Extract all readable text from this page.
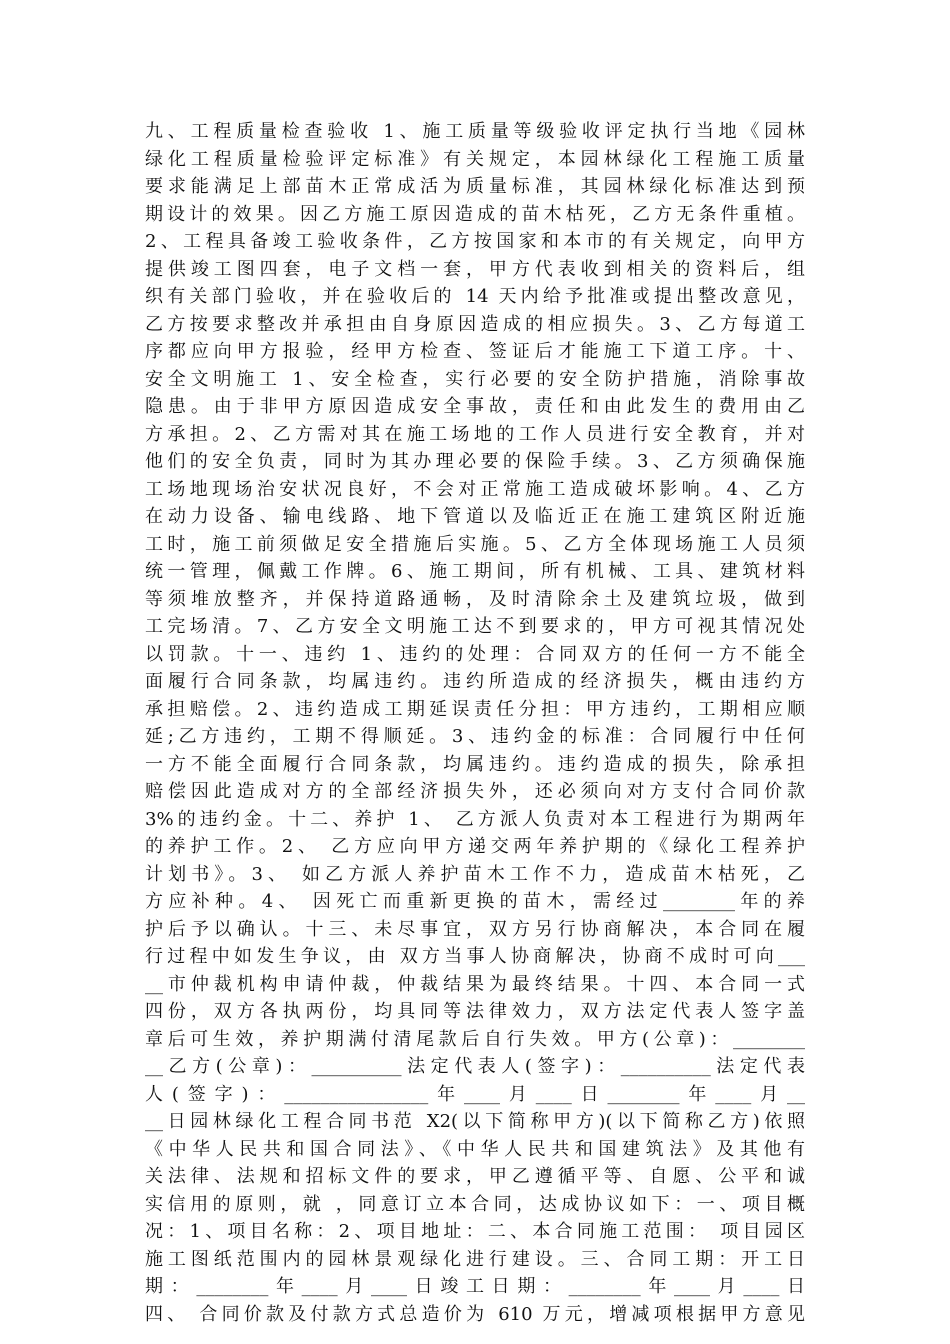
九、工程质量检查验收 1、施工质量等级验收评定执行当地《园林
绿化工程质量检验评定标准》有关规定，本园林绿化工程施工质量
要求能满足上部苗木正常成活为质量标准，其园林绿化标准达到预
期设计的效果。因乙方施工原因造成的苗木枯死，乙方无条件重植。
2、工程具备竣工验收条件，乙方按国家和本市的有关规定，向甲方
提供竣工图四套，电子文档一套，甲方代表收到相关的资料后，组
织有关部门验收，并在验收后的 14 天内给予批准或提出整改意见，
乙方按要求整改并承担由自身原因造成的相应损失。3、乙方每道工
序都应向甲方报验，经甲方检查、签证后才能施工下道工序。十、
安全文明施工 1、安全检查，实行必要的安全防护措施，消除事故
隐患。由于非甲方原因造成安全事故，责任和由此发生的费用由乙
方承担。2、乙方需对其在施工场地的工作人员进行安全教育，并对
他们的安全负责，同时为其办理必要的保险手续。3、乙方须确保施
工场地现场治安状况良好，不会对正常施工造成破坏影响。4、乙方
在动力设备、输电线路、地下管道以及临近正在施工建筑区附近施
工时，施工前须做足安全措施后实施。5、乙方全体现场施工人员须
统一管理，佩戴工作牌。6、施工期间，所有机械、工具、建筑材料
等须堆放整齐，并保持道路通畅，及时清除余土及建筑垃圾，做到
工完场清。7、乙方安全文明施工达不到要求的，甲方可视其情况处
以罚款。十一、违约 1、违约的处理：合同双方的任何一方不能全
面履行合同条款，均属违约。违约所造成的经济损失，概由违约方
承担赔偿。2、违约造成工期延误责任分担：甲方违约，工期相应顺
延;乙方违约，工期不得顺延。3、违约金的标准：合同履行中任何
一方不能全面履行合同条款，均属违约。违约造成的损失，除承担
赔偿因此造成对方的全部经济损失外，还必须向对方支付合同价款
3%的违约金。十二、养护 1、 乙方派人负责对本工程进行为期两年
的养护工作。2、 乙方应向甲方递交两年养护期的《绿化工程养护
计划书》。3、 如乙方派人养护苗木工作不力，造成苗木枯死，乙
方应补种。4、 因死亡而重新更换的苗木，需经过________年的养
护后予以确认。十三、未尽事宜，双方另行协商解决，本合同在履
行过程中如发生争议，由 双方当事人协商解决，协商不成时可向___
__市仲裁机构申请仲裁，仲裁结果为最终结果。十四、本合同一式
四份，双方各执两份，均具同等法律效力，双方法定代表人签字盖
章后可生效，养护期满付清尾款后自行失效。甲方(公章)：________
__乙方(公章)：__________法定代表人(签字)：__________法定代表
人(签字)：________________年____月____日________年____月__
__日园林绿化工程合同书范 X2(以下简称甲方)(以下简称乙方)依照
《中华人民共和国合同法》、《中华人民共和国建筑法》及其他有
关法律、法规和招标文件的要求，甲乙遵循平等、自愿、公平和诚
实信用的原则，就 ，同意订立本合同，达成协议如下：一、项目概
况：1、项目名称：2、项目地址：二、本合同施工范围： 项目园区
施工图纸范围内的园林景观绿化进行建设。三、合同工期：开工日
期：________年____月____日竣工日期：________年____月____日
四、 合同价款及付款方式总造价为 610 万元，增减项根据甲方意见
